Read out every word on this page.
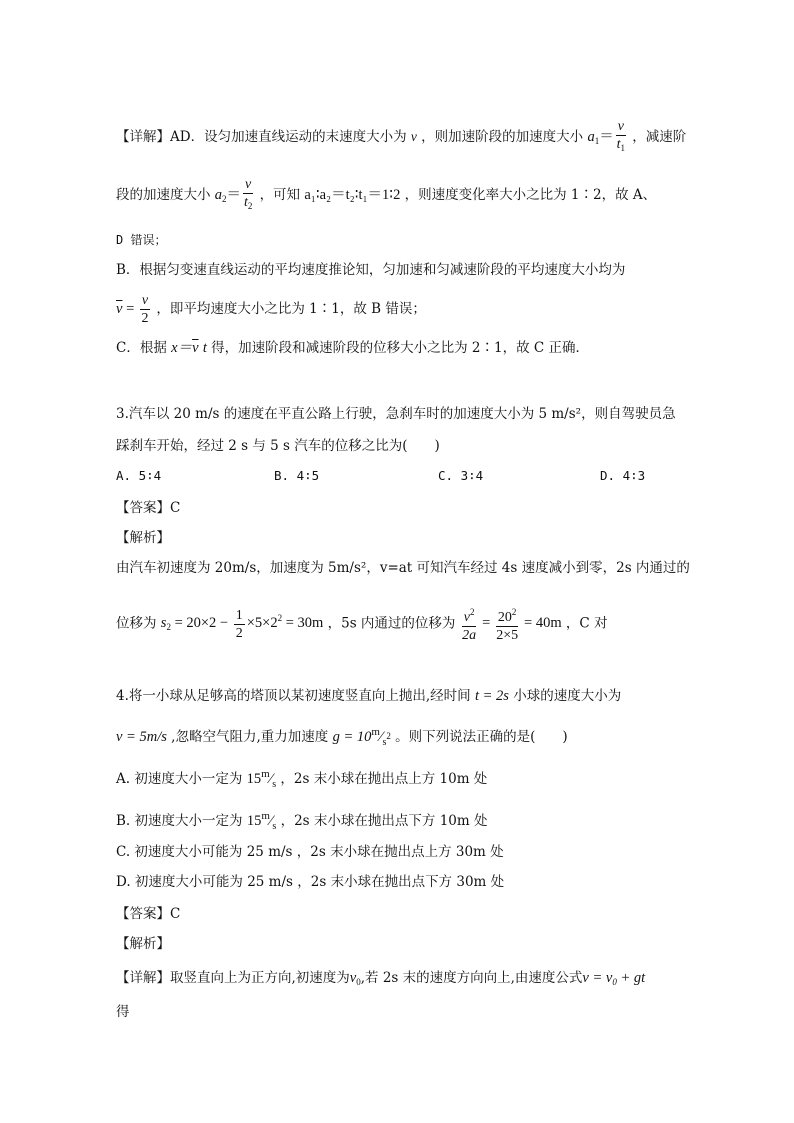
【详解】AD．设匀加速直线运动的末速度大小为 v ，则加速阶段的加速度大小 $a_1= \frac{v}{t_1}$ ，减速阶
段的加速度大小 $a_2= \frac{v}{t_2}$ ，可知 a₁∶a₂＝t₂∶t₁＝1∶2 ，则速度变化率大小之比为 1∶2，故 A、
D 错误；
B．根据匀变速直线运动的平均速度推论知，匀加速和匀减速阶段的平均速度大小均为
$\overline{v} = \frac{v}{2}$ ，即平均速度大小之比为 1∶1，故 B 错误；
C．根据 $x=\overline{v}$ t 得，加速阶段和减速阶段的位移大小之比为 2∶1，故 C 正确．
3.汽车以 20 m/s 的速度在平直公路上行驶，急刹车时的加速度大小为 5 m/s²，则自驾驶员急
踩刹车开始，经过 2 s 与 5 s 汽车的位移之比为(　　)
A. 5∶4	B. 4∶5	C. 3∶4	D. 4∶3
【答案】C
【解析】
由汽车初速度为 20m/s，加速度为 5m/s²，v=at 可知汽车经过 4s 速度减小到零，2s 内通过的
位移为 $s_2 = 20\times 2 - \frac{1}{2} \times 5\times 2^2 = 30m$ ，5s 内通过的位移为 $\frac{v^2}{2a} = \frac{20^2}{2\times 5} = 40m$ ，C 对
4.将一小球从足够高的塔顶以某初速度竖直向上抛出,经时间 t = 2s 小球的速度大小为
v = 5m/s ,忽略空气阻力,重力加速度 $g = 10^m⁄_{s2}$ 。则下列说法正确的是(　　)
A. 初速度大小一定为 $15^m⁄_s$ ，2s 末小球在抛出点上方 10m 处
B. 初速度大小一定为 $15^m⁄_s$ ，2s 末小球在抛出点下方 10m 处
C. 初速度大小可能为 25 m/s ，2s 末小球在抛出点上方 30m 处
D. 初速度大小可能为 25 m/s ，2s 末小球在抛出点下方 30m 处
【答案】C
【解析】
【详解】取竖直向上为正方向,初速度为$v_0$,若 2s 末的速度方向向上,由速度公式$v = v_0$ + gt
得
